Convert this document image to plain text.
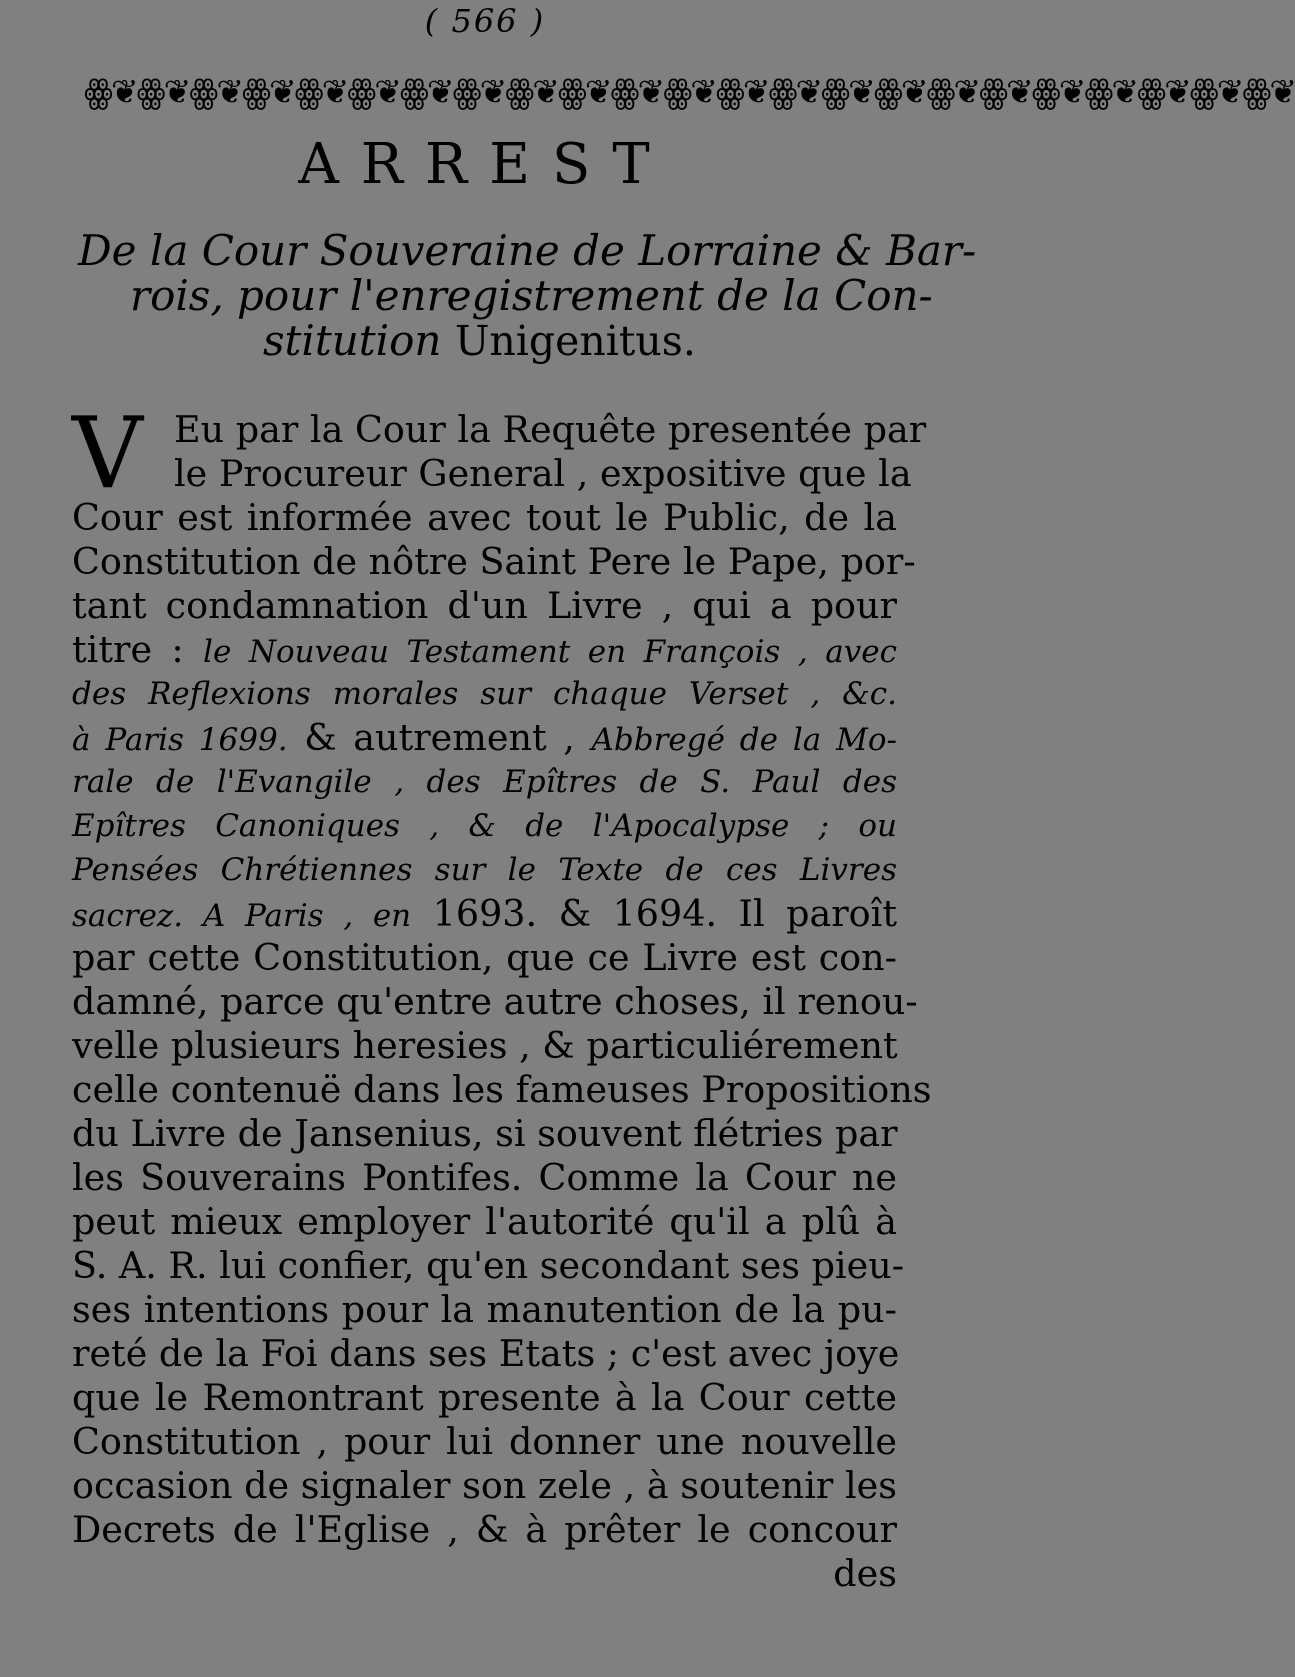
( 566 )
ꙮ❦ꙮ❦ꙮ❦ꙮ❦ꙮ❦ꙮ❦ꙮ❦ꙮ❦ꙮ❦ꙮ❦ꙮ❦ꙮ❦ꙮ❦ꙮ❦ꙮ❦ꙮ❦ꙮ❦ꙮ❦ꙮ❦ꙮ❦ꙮ❦ꙮ❦ꙮ❦
ARREST
De la Cour Souveraine de Lorraine & Bar-
rois, pour l'enregistrement de la Con-
stitution Unigenitus.
V Eu par la Cour la Requête presentée par
le Procureur General , expositive que la
Cour est informée avec tout le Public, de la
Constitution de nôtre Saint Pere le Pape, por-
tant condamnation d'un Livre , qui a pour
titre : le Nouveau Testament en François , avec
des Reflexions morales sur chaque Verset , &c.
à Paris 1699. & autrement , Abbregé de la Mo-
rale de l'Evangile , des Epîtres de S. Paul des
Epîtres Canoniques , & de l'Apocalypse ; ou
Pensées Chrétiennes sur le Texte de ces Livres
sacrez. A Paris , en 1693. & 1694. Il paroît
par cette Constitution, que ce Livre est con-
damné, parce qu'entre autre choses, il renou-
velle plusieurs heresies , & particuliérement
celle contenuë dans les fameuses Propositions
du Livre de Jansenius, si souvent flétries par
les Souverains Pontifes. Comme la Cour ne
peut mieux employer l'autorité qu'il a plû à
S. A. R. lui confier, qu'en secondant ses pieu-
ses intentions pour la manutention de la pu-
reté de la Foi dans ses Etats ; c'est avec joye
que le Remontrant presente à la Cour cette
Constitution , pour lui donner une nouvelle
occasion de signaler son zele , à soutenir les
Decrets de l'Eglise , & à prêter le concour
des
